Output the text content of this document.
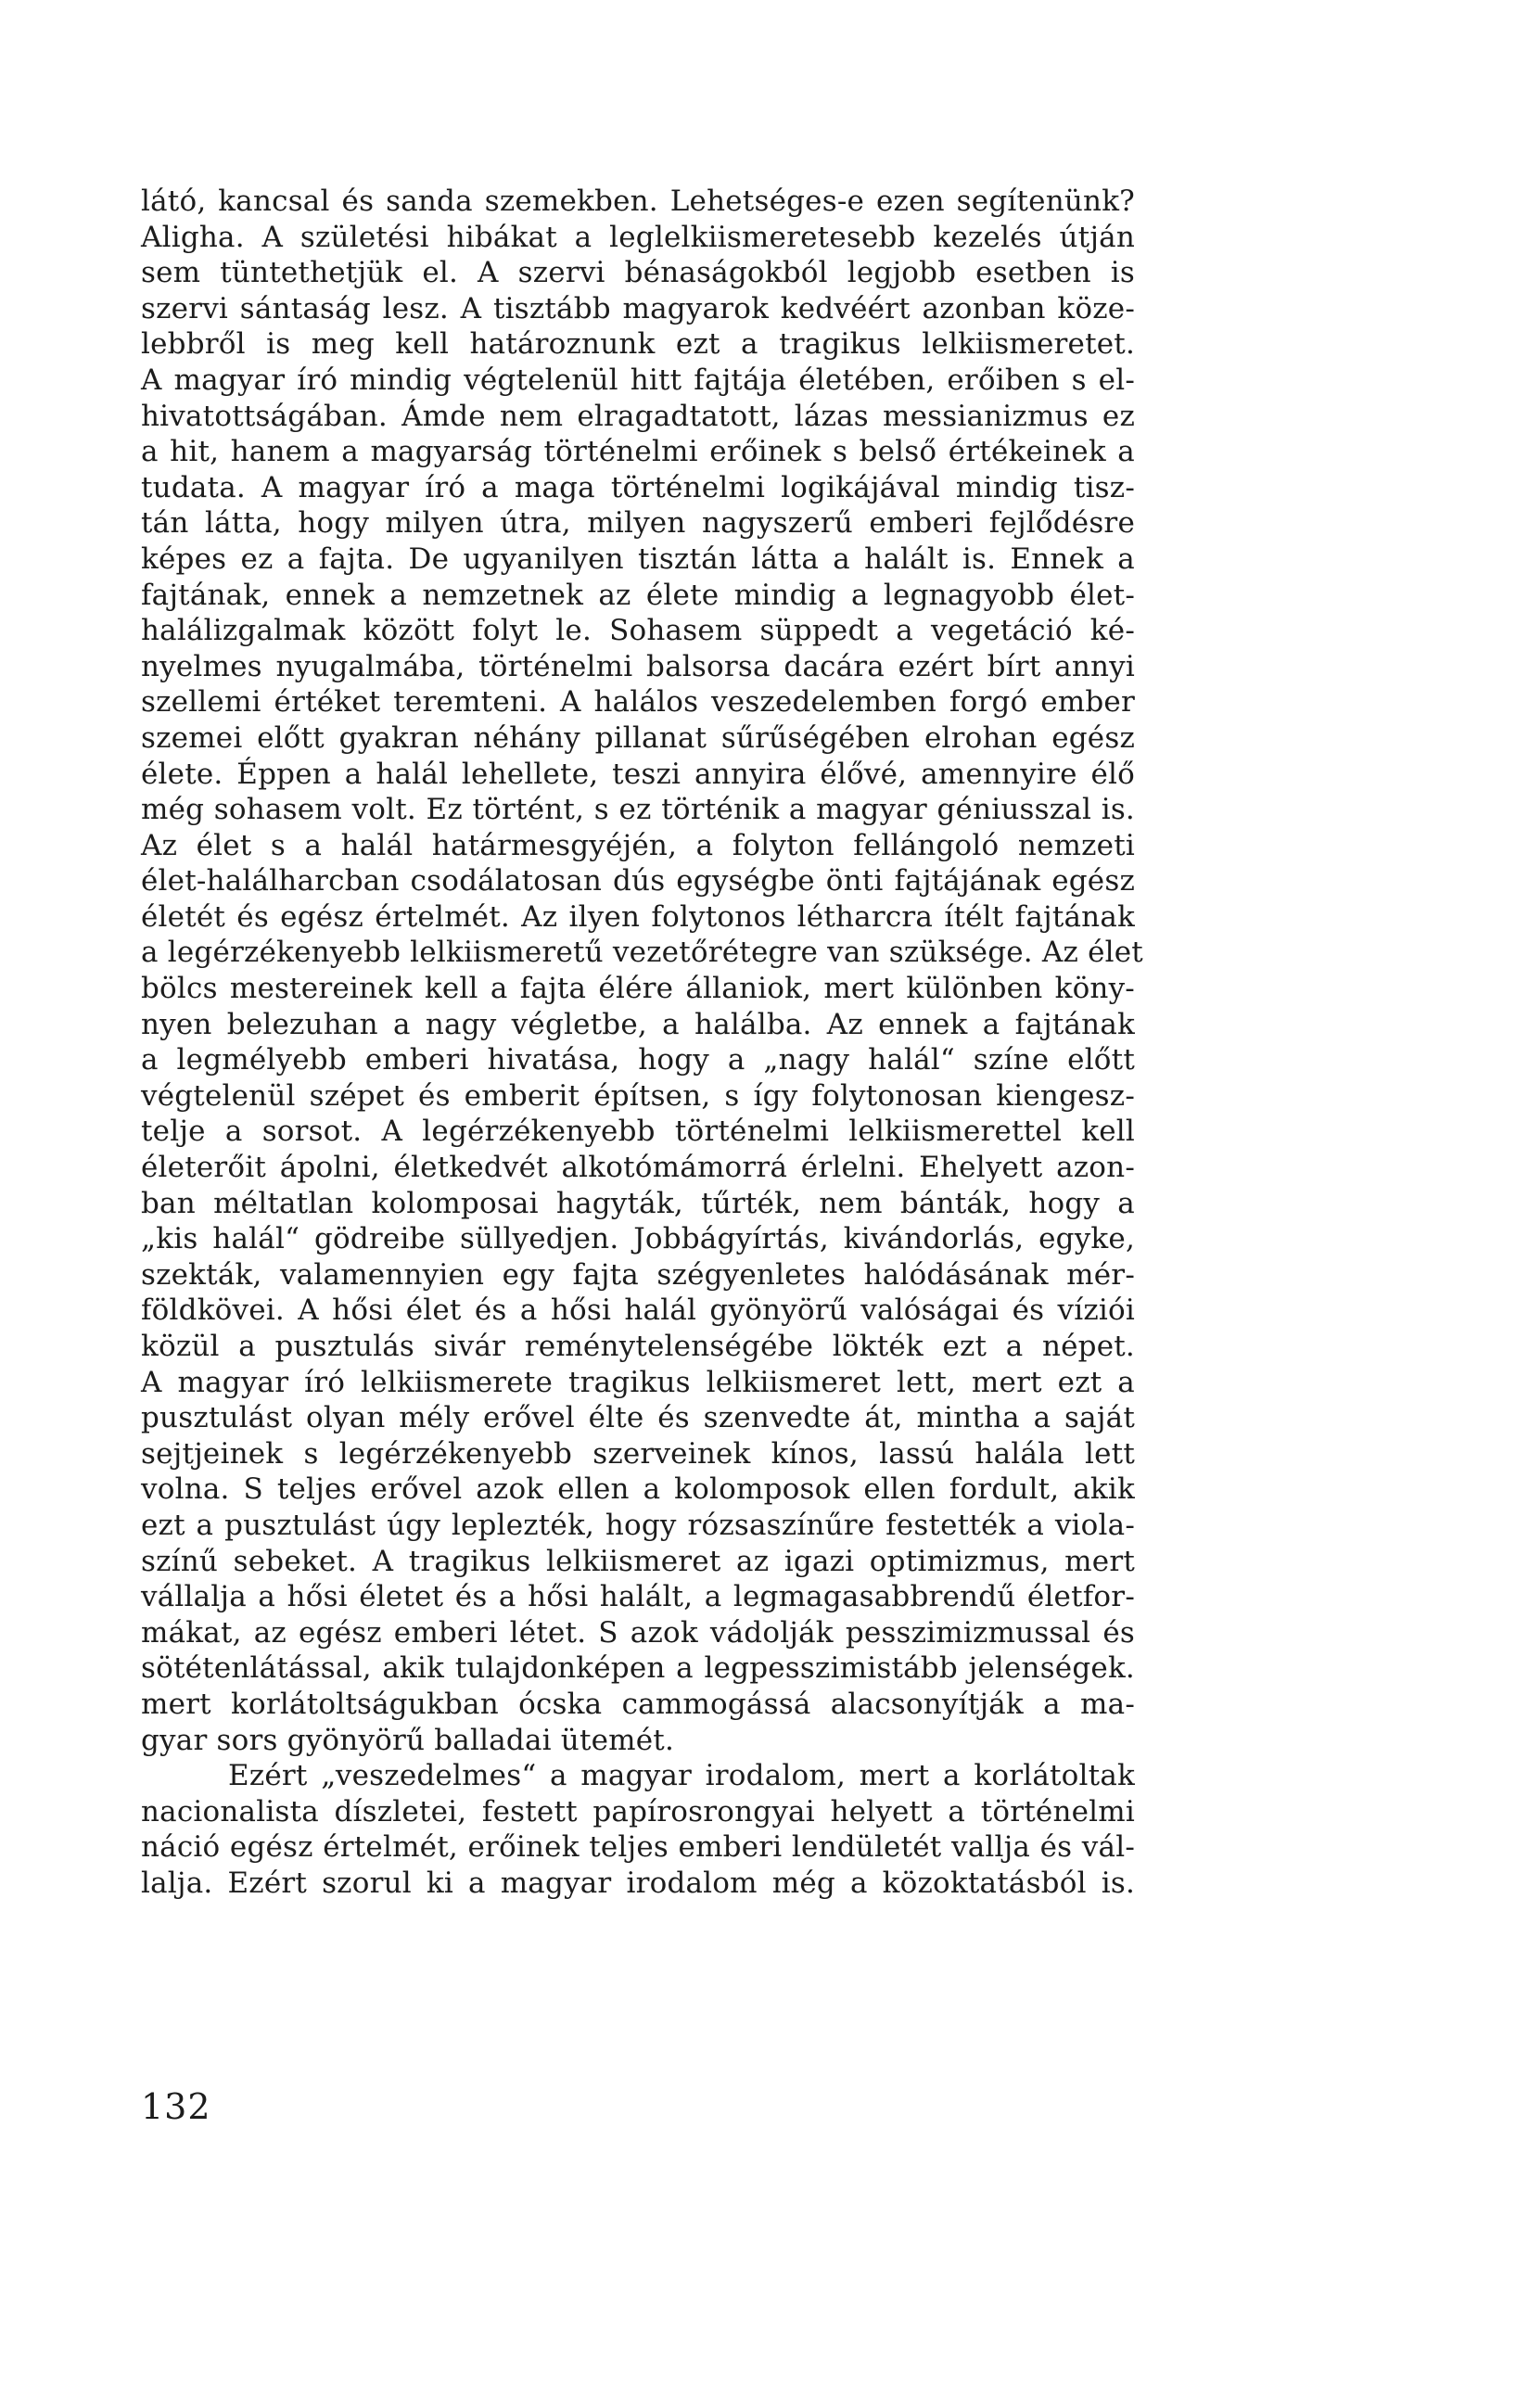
látó, kancsal és sanda szemekben. Lehetséges-e ezen segítenünk?
Aligha. A születési hibákat a leglelkiismeretesebb kezelés útján
sem tüntethetjük el. A szervi bénaságokból legjobb esetben is
szervi sántaság lesz. A tisztább magyarok kedvéért azonban köze-
lebbről is meg kell határoznunk ezt a tragikus lelkiismeretet.
A magyar író mindig végtelenül hitt fajtája életében, erőiben s el-
hivatottságában. Ámde nem elragadtatott, lázas messianizmus ez
a hit, hanem a magyarság történelmi erőinek s belső értékeinek a
tudata. A magyar író a maga történelmi logikájával mindig tisz-
tán látta, hogy milyen útra, milyen nagyszerű emberi fejlődésre
képes ez a fajta. De ugyanilyen tisztán látta a halált is. Ennek a
fajtának, ennek a nemzetnek az élete mindig a legnagyobb élet-
halálizgalmak között folyt le. Sohasem süppedt a vegetáció ké-
nyelmes nyugalmába, történelmi balsorsa dacára ezért bírt annyi
szellemi értéket teremteni. A halálos veszedelemben forgó ember
szemei előtt gyakran néhány pillanat sűrűségében elrohan egész
élete. Éppen a halál lehellete, teszi annyira élővé, amennyire élő
még sohasem volt. Ez történt, s ez történik a magyar géniusszal is.
Az élet s a halál határmesgyéjén, a folyton fellángoló nemzeti
élet-halálharcban csodálatosan dús egységbe önti fajtájának egész
életét és egész értelmét. Az ilyen folytonos létharcra ítélt fajtának
a legérzékenyebb lelkiismeretű vezetőrétegre van szüksége. Az élet
bölcs mestereinek kell a fajta élére állaniok, mert különben köny-
nyen belezuhan a nagy végletbe, a halálba. Az ennek a fajtának
a legmélyebb emberi hivatása, hogy a „nagy halál“ színe előtt
végtelenül szépet és emberit építsen, s így folytonosan kiengesz-
telje a sorsot. A legérzékenyebb történelmi lelkiismerettel kell
életerőit ápolni, életkedvét alkotómámorrá érlelni. Ehelyett azon-
ban méltatlan kolomposai hagyták, tűrték, nem bánták, hogy a
„kis halál“ gödreibe süllyedjen. Jobbágyírtás, kivándorlás, egyke,
szekták, valamennyien egy fajta szégyenletes halódásának mér-
földkövei. A hősi élet és a hősi halál gyönyörű valóságai és víziói
közül a pusztulás sivár reménytelenségébe lökték ezt a népet.
A magyar író lelkiismerete tragikus lelkiismeret lett, mert ezt a
pusztulást olyan mély erővel élte és szenvedte át, mintha a saját
sejtjeinek s legérzékenyebb szerveinek kínos, lassú halála lett
volna. S teljes erővel azok ellen a kolomposok ellen fordult, akik
ezt a pusztulást úgy leplezték, hogy rózsaszínűre festették a viola-
színű sebeket. A tragikus lelkiismeret az igazi optimizmus, mert
vállalja a hősi életet és a hősi halált, a legmagasabbrendű életfor-
mákat, az egész emberi létet. S azok vádolják pesszimizmussal és
sötétenlátással, akik tulajdonképen a legpesszimistább jelenségek.
mert korlátoltságukban ócska cammogássá alacsonyítják a ma-
gyar sors gyönyörű balladai ütemét.
Ezért „veszedelmes“ a magyar irodalom, mert a korlátoltak
nacionalista díszletei, festett papírosrongyai helyett a történelmi
náció egész értelmét, erőinek teljes emberi lendületét vallja és vál-
lalja. Ezért szorul ki a magyar irodalom még a közoktatásból is.
132
